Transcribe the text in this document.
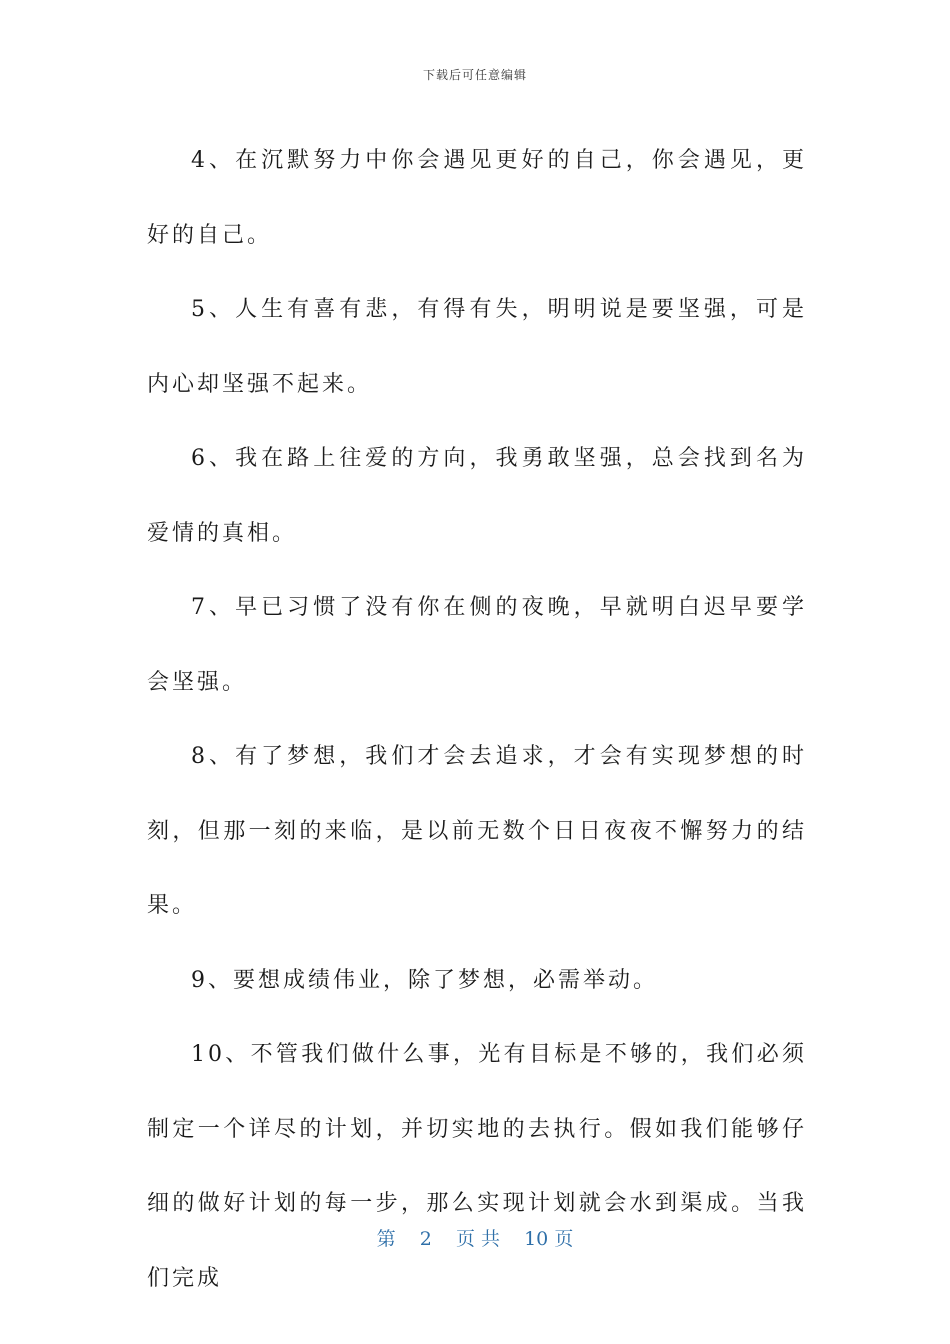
下载后可任意编辑

4、在沉默努力中你会遇见更好的自己，你会遇见，更好的自己。

5、人生有喜有悲，有得有失，明明说是要坚强，可是内心却坚强不起来。

6、我在路上往爱的方向，我勇敢坚强，总会找到名为爱情的真相。

7、早已习惯了没有你在侧的夜晚，早就明白迟早要学会坚强。

8、有了梦想，我们才会去追求，才会有实现梦想的时刻，但那一刻的来临，是以前无数个日日夜夜不懈努力的结果。

9、要想成绩伟业，除了梦想，必需举动。

10、不管我们做什么事，光有目标是不够的，我们必须制定一个详尽的计划，并切实地的去执行。假如我们能够仔细的做好计划的每一步，那么实现计划就会水到渠成。当我们完成

第 2 页 共 10 页
